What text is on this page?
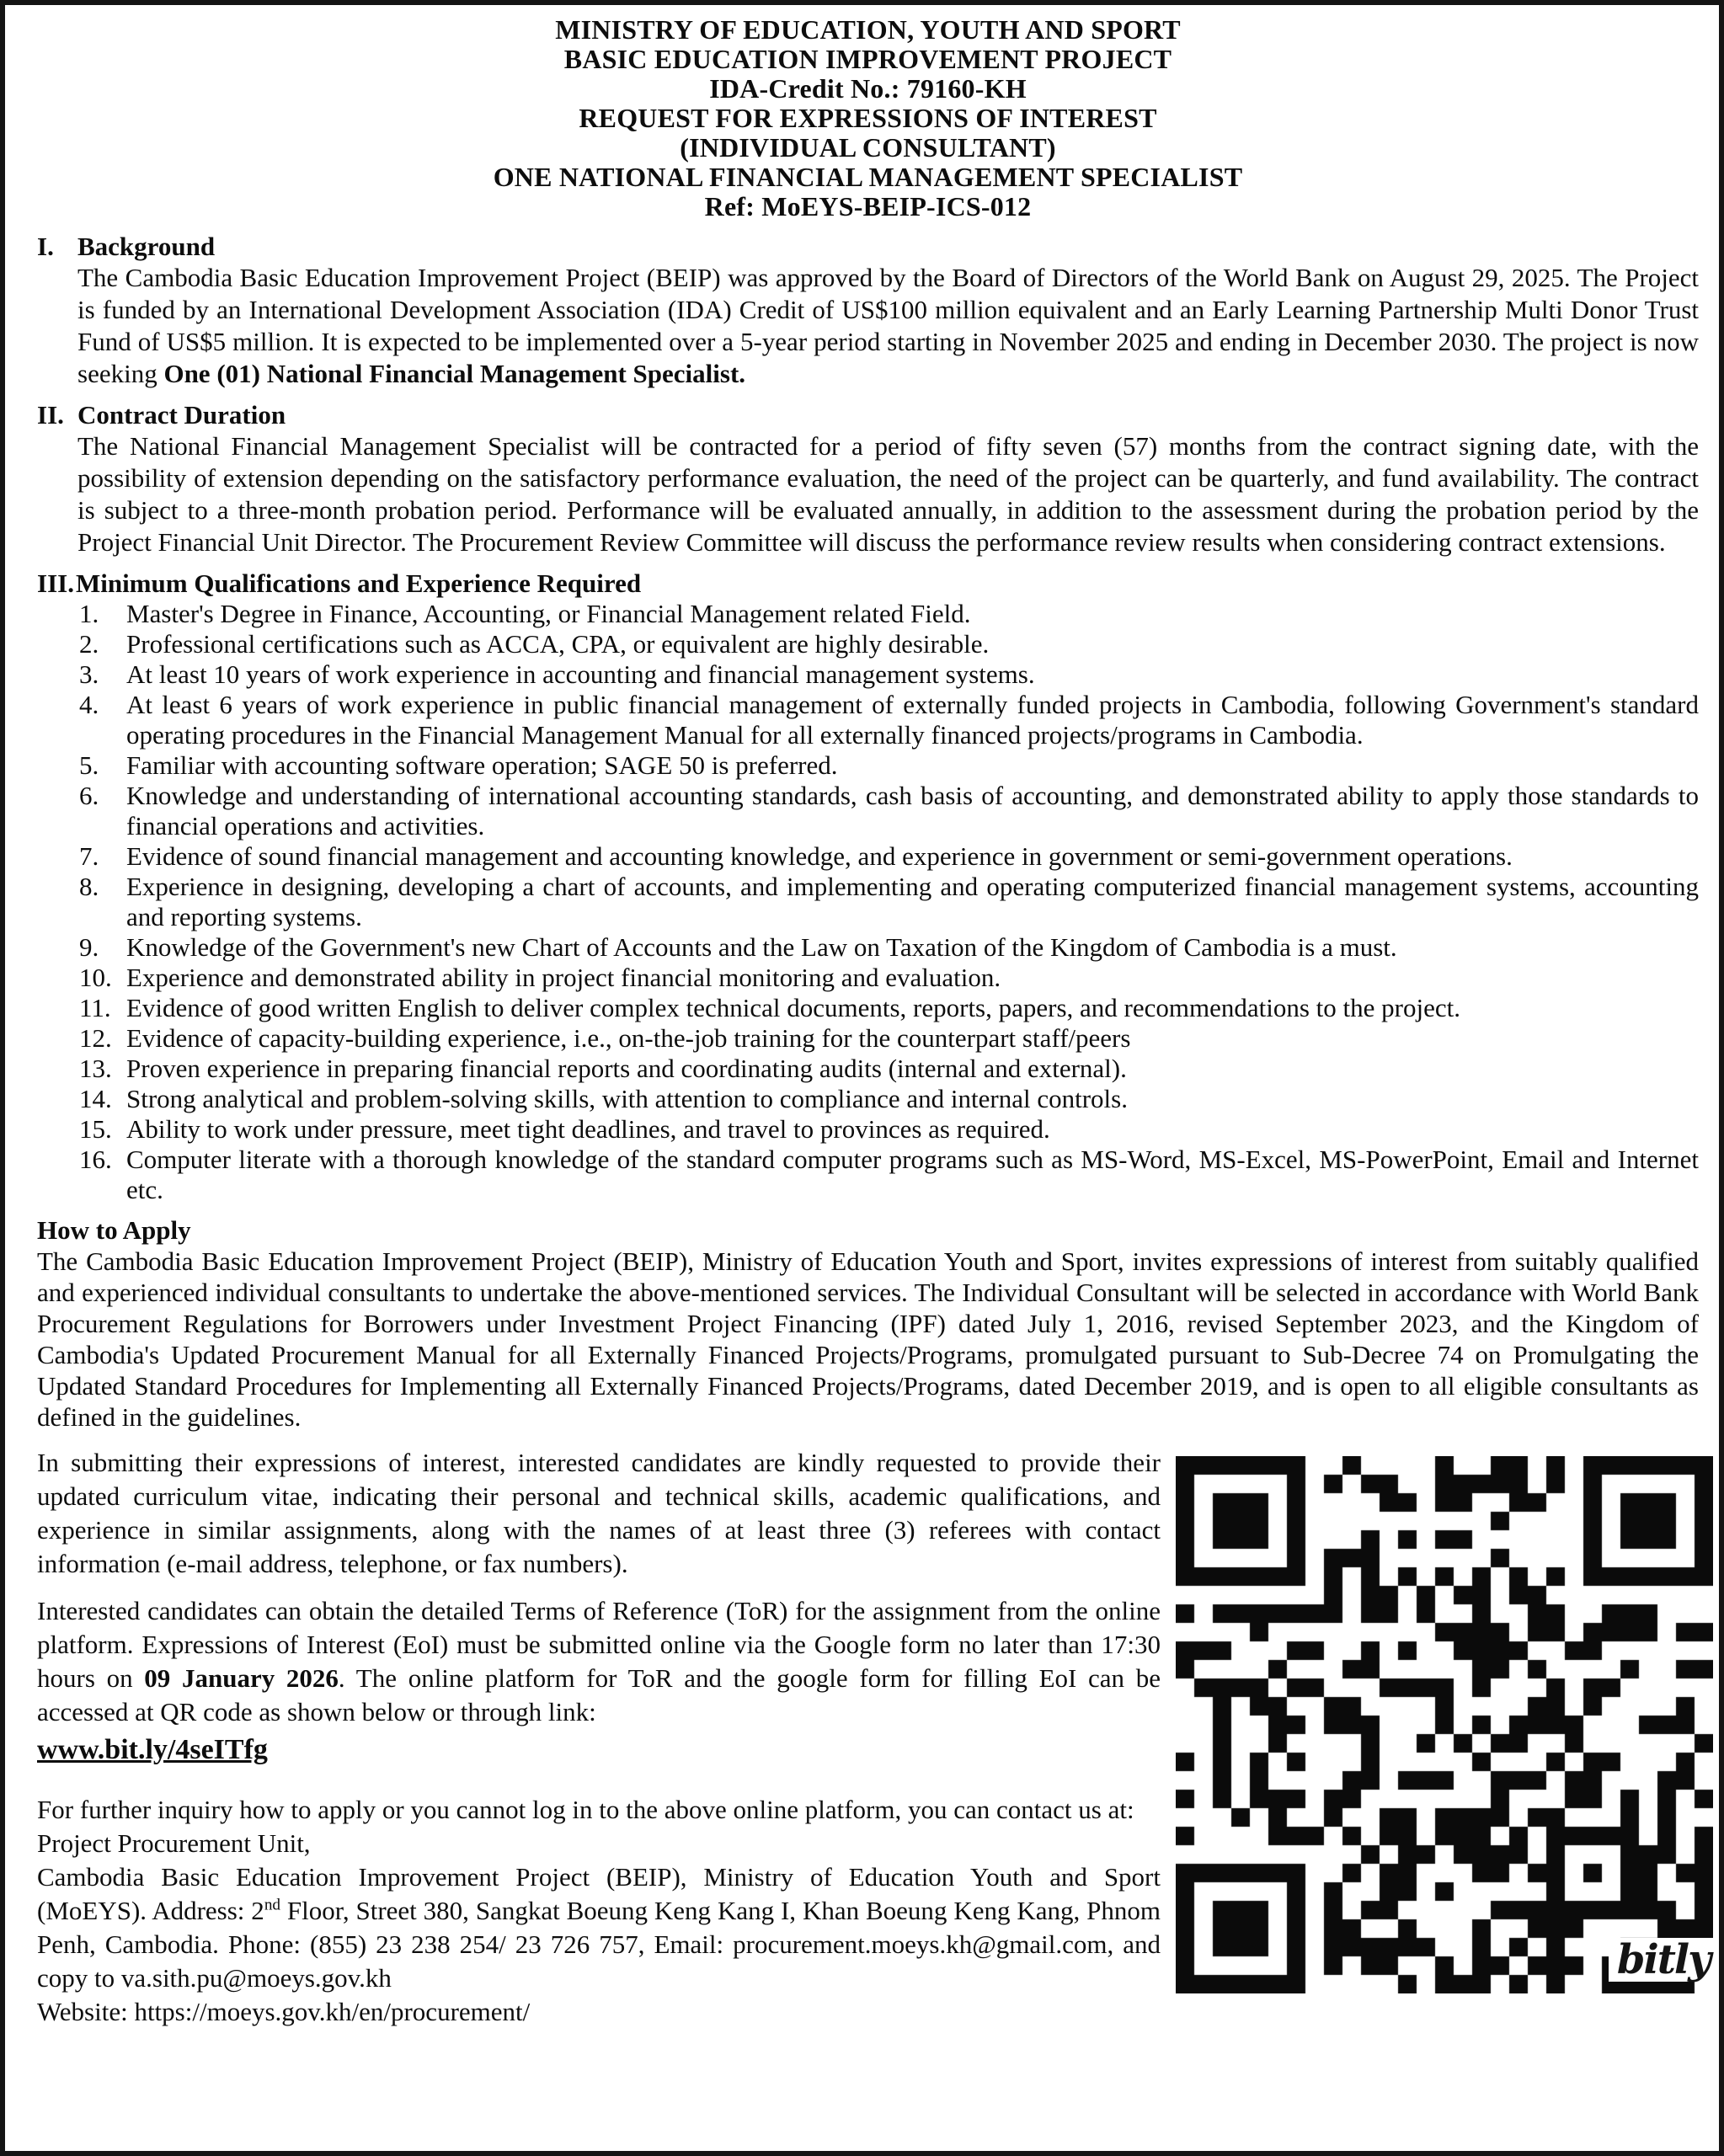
MINISTRY OF EDUCATION, YOUTH AND SPORT
BASIC EDUCATION IMPROVEMENT PROJECT
IDA-Credit No.: 79160-KH
REQUEST FOR EXPRESSIONS OF INTEREST
(INDIVIDUAL CONSULTANT)
ONE NATIONAL FINANCIAL MANAGEMENT SPECIALIST
Ref: MoEYS-BEIP-ICS-012
I. Background

The Cambodia Basic Education Improvement Project (BEIP) was approved by the Board of Directors of the World Bank on August 29, 2025. The Project is funded by an International Development Association (IDA) Credit of US$100 million equivalent and an Early Learning Partnership Multi Donor Trust Fund of US$5 million. It is expected to be implemented over a 5-year period starting in November 2025 and ending in December 2030. The project is now seeking One (01) National Financial Management Specialist.

II. Contract Duration

The National Financial Management Specialist will be contracted for a period of fifty seven (57) months from the contract signing date, with the possibility of extension depending on the satisfactory performance evaluation, the need of the project can be quarterly, and fund availability. The contract is subject to a three-month probation period. Performance will be evaluated annually, in addition to the assessment during the probation period by the Project Financial Unit Director. The Procurement Review Committee will discuss the performance review results when considering contract extensions.

III. Minimum Qualifications and Experience Required
1.	Master's Degree in Finance, Accounting, or Financial Management related Field.
2.	Professional certifications such as ACCA, CPA, or equivalent are highly desirable.
3.	At least 10 years of work experience in accounting and financial management systems.
4.	At least 6 years of work experience in public financial management of externally funded projects in Cambodia, following Government's standard operating procedures in the Financial Management Manual for all externally financed projects/programs in Cambodia.
5.	Familiar with accounting software operation; SAGE 50 is preferred.
6.	Knowledge and understanding of international accounting standards, cash basis of accounting, and demonstrated ability to apply those standards to financial operations and activities.
7.	Evidence of sound financial management and accounting knowledge, and experience in government or semi-government operations.
8.	Experience in designing, developing a chart of accounts, and implementing and operating computerized financial management systems, accounting and reporting systems.
9.	Knowledge of the Government's new Chart of Accounts and the Law on Taxation of the Kingdom of Cambodia is a must.
10. Experience and demonstrated ability in project financial monitoring and evaluation.
11. Evidence of good written English to deliver complex technical documents, reports, papers, and recommendations to the project.
12. Evidence of capacity-building experience, i.e., on-the-job training for the counterpart staff/peers
13. Proven experience in preparing financial reports and coordinating audits (internal and external).
14. Strong analytical and problem-solving skills, with attention to compliance and internal controls.
15. Ability to work under pressure, meet tight deadlines, and travel to provinces as required.
16. Computer literate with a thorough knowledge of the standard computer programs such as MS-Word, MS-Excel, MS-PowerPoint, Email and Internet etc.
How to Apply

The Cambodia Basic Education Improvement Project (BEIP), Ministry of Education Youth and Sport, invites expressions of interest from suitably qualified and experienced individual consultants to undertake the above-mentioned services. The Individual Consultant will be selected in accordance with World Bank Procurement Regulations for Borrowers under Investment Project Financing (IPF) dated July 1, 2016, revised September 2023, and the Kingdom of Cambodia's Updated Procurement Manual for all Externally Financed Projects/Programs, promulgated pursuant to Sub-Decree 74 on Promulgating the Updated Standard Procedures for Implementing all Externally Financed Projects/Programs, dated December 2019, and is open to all eligible consultants as defined in the guidelines.

In submitting their expressions of interest, interested candidates are kindly requested to provide their updated curriculum vitae, indicating their personal and technical skills, academic qualifications, and experience in similar assignments, along with the names of at least three (3) referees with contact information (e-mail address, telephone, or fax numbers).

Interested candidates can obtain the detailed Terms of Reference (ToR) for the assignment from the online platform. Expressions of Interest (EoI) must be submitted online via the Google form no later than 17:30 hours on 09 January 2026. The online platform for ToR and the google form for filling EoI can be accessed at QR code as shown below or through link:

www.bit.ly/4seITfg

For further inquiry how to apply or you cannot log in to the above online platform, you can contact us at: Project Procurement Unit,

Cambodia Basic Education Improvement Project (BEIP), Ministry of Education Youth and Sport (MoEYS). Address: 2nd Floor, Street 380, Sangkat Boeung Keng Kang I, Khan Boeung Keng Kang, Phnom Penh, Cambodia. Phone: (855) 23 238 254/ 23 726 757, Email: procurement.moeys.kh@gmail.com, and copy to va.sith.pu@moeys.gov.kh

Website: https://moeys.gov.kh/en/procurement/

bitly
